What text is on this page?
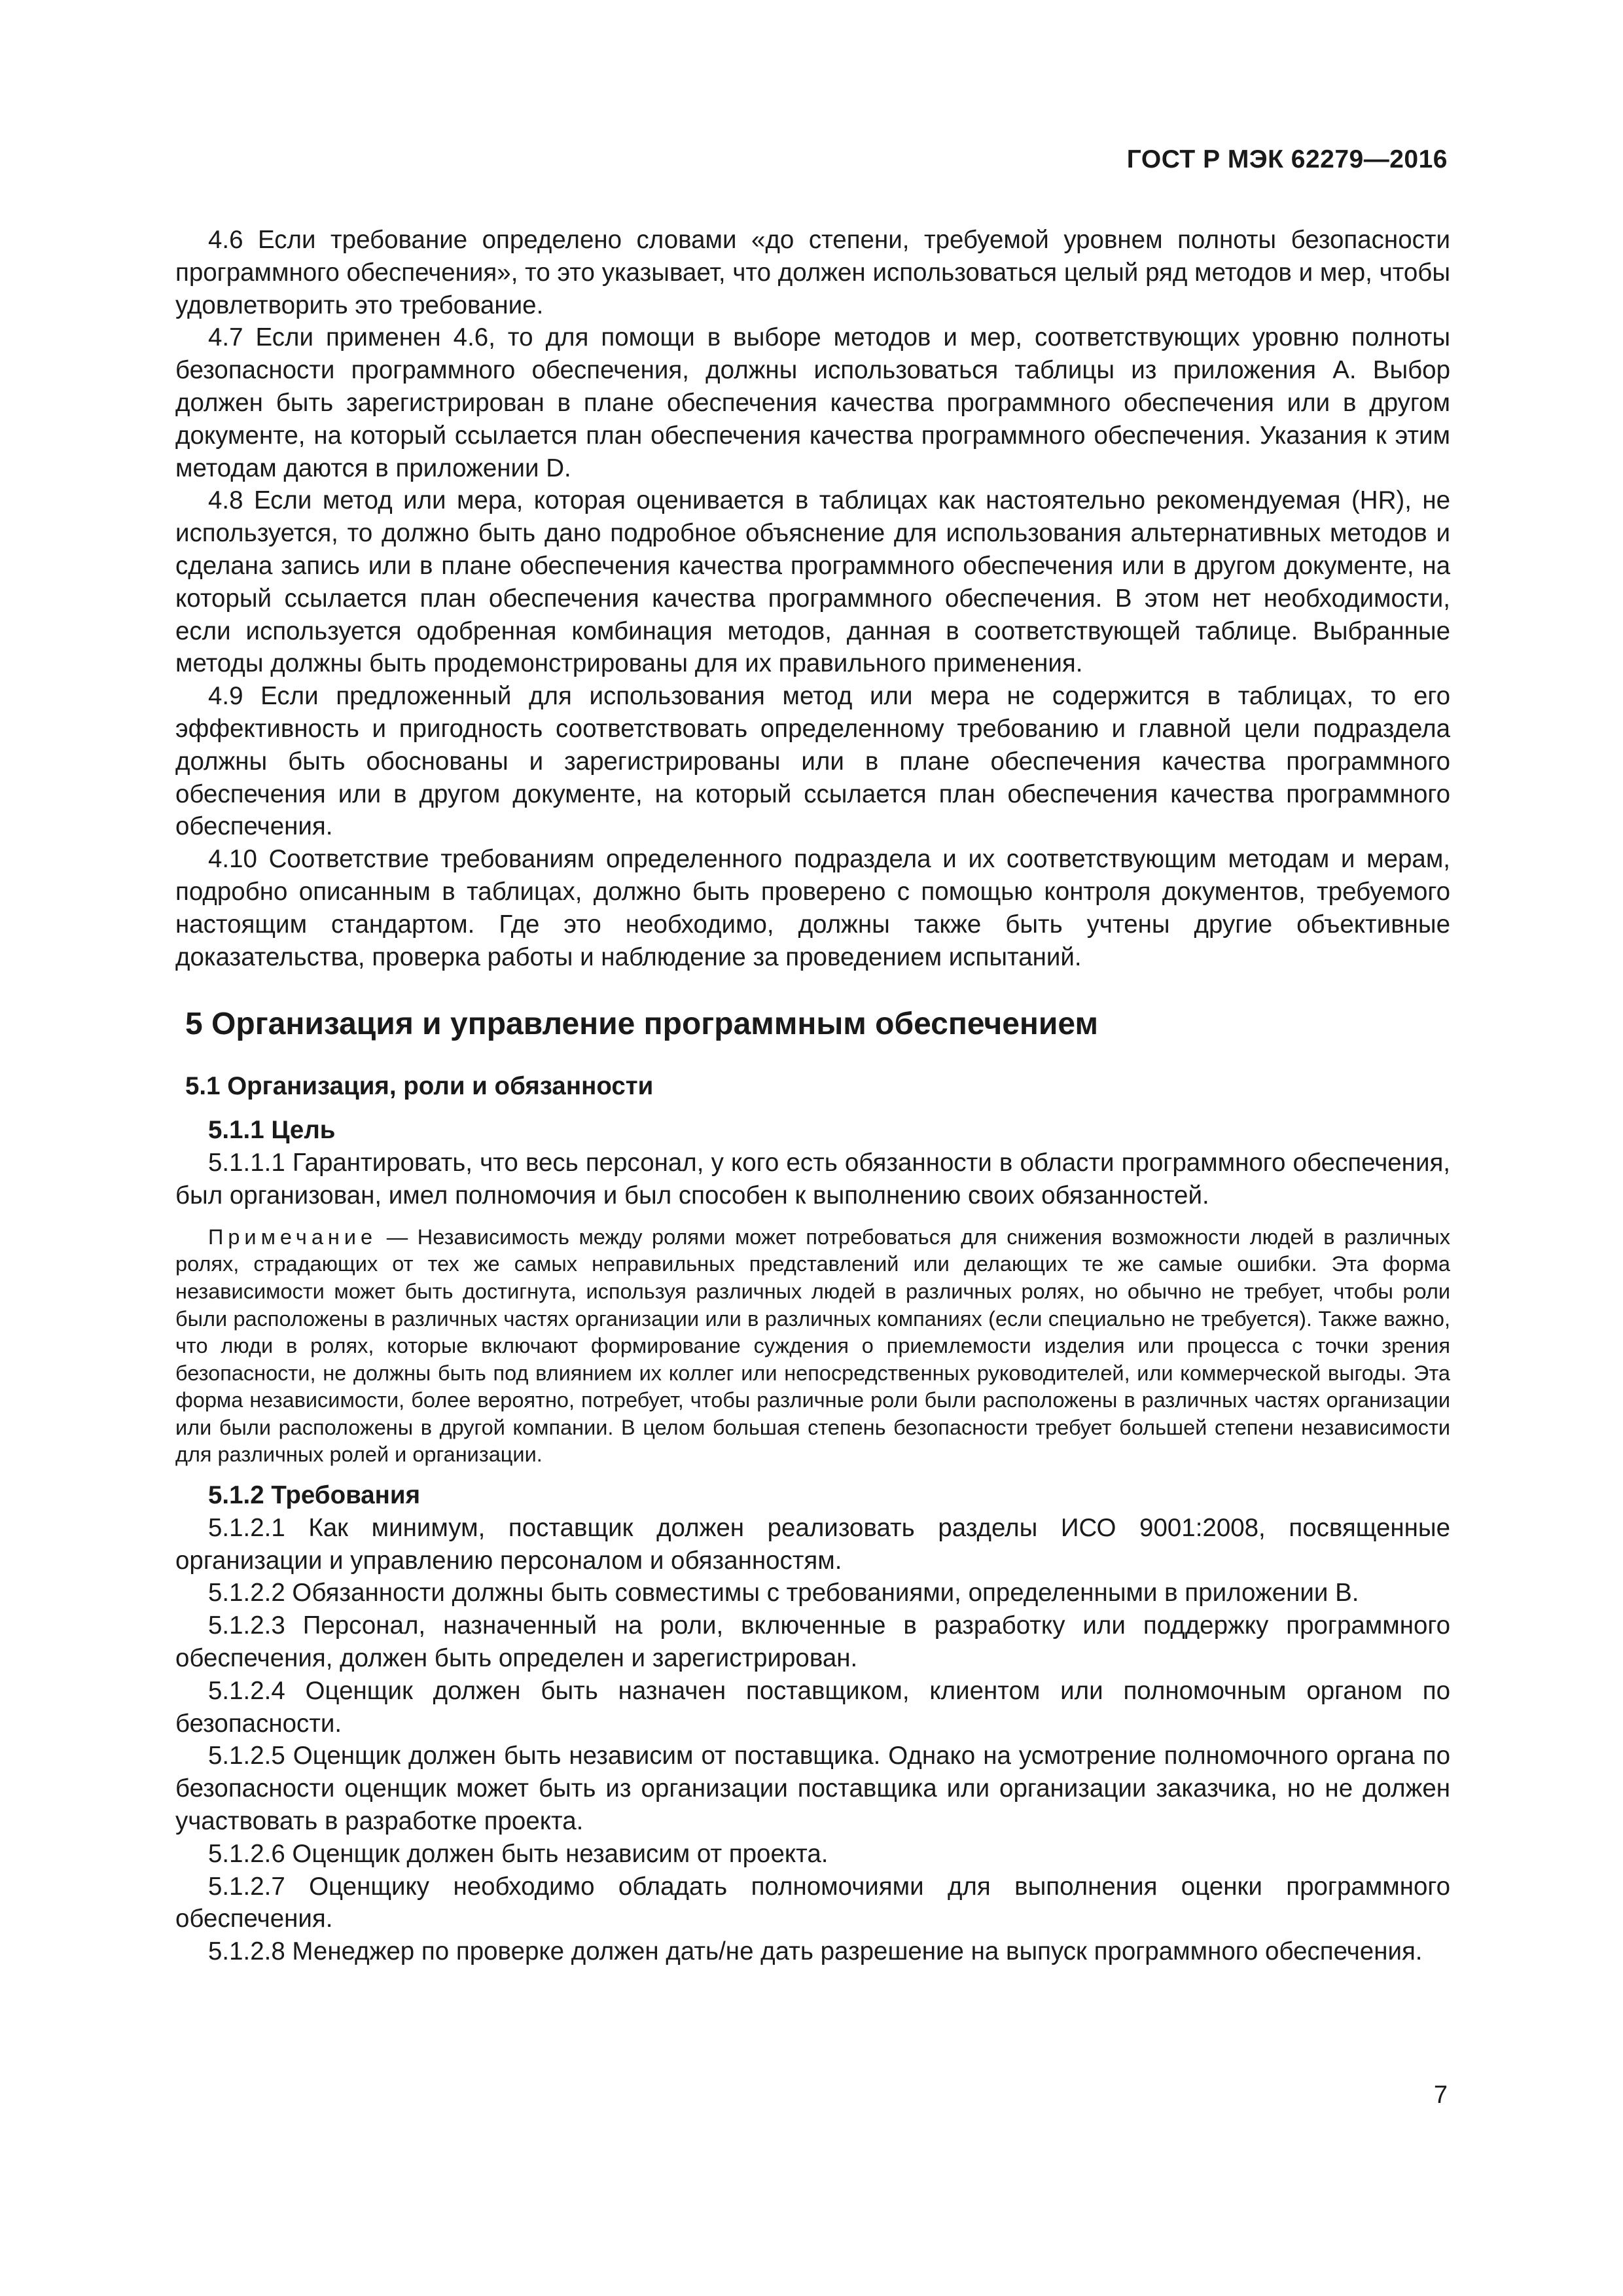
ГОСТ Р МЭК 62279—2016

4.6 Если требование определено словами «до степени, требуемой уровнем полноты безопасности программного обеспечения», то это указывает, что должен использоваться целый ряд методов и мер, чтобы удовлетворить это требование.

4.7 Если применен 4.6, то для помощи в выборе методов и мер, соответствующих уровню полноты безопасности программного обеспечения, должны использоваться таблицы из приложения А. Выбор должен быть зарегистрирован в плане обеспечения качества программного обеспечения или в другом документе, на который ссылается план обеспечения качества программного обеспечения. Указания к этим методам даются в приложении D.

4.8 Если метод или мера, которая оценивается в таблицах как настоятельно рекомендуемая (HR), не используется, то должно быть дано подробное объяснение для использования альтернативных методов и сделана запись или в плане обеспечения качества программного обеспечения или в другом документе, на который ссылается план обеспечения качества программного обеспечения. В этом нет необходимости, если используется одобренная комбинация методов, данная в соответствующей таблице. Выбранные методы должны быть продемонстрированы для их правильного применения.

4.9 Если предложенный для использования метод или мера не содержится в таблицах, то его эффективность и пригодность соответствовать определенному требованию и главной цели подраздела должны быть обоснованы и зарегистрированы или в плане обеспечения качества программного обеспечения или в другом документе, на который ссылается план обеспечения качества программного обеспечения.

4.10 Соответствие требованиям определенного подраздела и их соответствующим методам и мерам, подробно описанным в таблицах, должно быть проверено с помощью контроля документов, требуемого настоящим стандартом. Где это необходимо, должны также быть учтены другие объективные доказательства, проверка работы и наблюдение за проведением испытаний.

5 Организация и управление программным обеспечением
5.1 Организация, роли и обязанности
5.1.1 Цель

5.1.1.1 Гарантировать, что весь персонал, у кого есть обязанности в области программного обеспечения, был организован, имел полномочия и был способен к выполнению своих обязанностей.

Примечание — Независимость между ролями может потребоваться для снижения возможности людей в различных ролях, страдающих от тех же самых неправильных представлений или делающих те же самые ошибки. Эта форма независимости может быть достигнута, используя различных людей в различных ролях, но обычно не требует, чтобы роли были расположены в различных частях организации или в различных компаниях (если специально не требуется). Также важно, что люди в ролях, которые включают формирование суждения о приемлемости изделия или процесса с точки зрения безопасности, не должны быть под влиянием их коллег или непосредственных руководителей, или коммерческой выгоды. Эта форма независимости, более вероятно, потребует, чтобы различные роли были расположены в различных частях организации или были расположены в другой компании. В целом большая степень безопасности требует большей степени независимости для различных ролей и организации.

5.1.2 Требования

5.1.2.1 Как минимум, поставщик должен реализовать разделы ИСО 9001:2008, посвященные организации и управлению персоналом и обязанностям.

5.1.2.2 Обязанности должны быть совместимы с требованиями, определенными в приложении В.

5.1.2.3 Персонал, назначенный на роли, включенные в разработку или поддержку программного обеспечения, должен быть определен и зарегистрирован.

5.1.2.4 Оценщик должен быть назначен поставщиком, клиентом или полномочным органом по безопасности.

5.1.2.5 Оценщик должен быть независим от поставщика. Однако на усмотрение полномочного органа по безопасности оценщик может быть из организации поставщика или организации заказчика, но не должен участвовать в разработке проекта.

5.1.2.6 Оценщик должен быть независим от проекта.

5.1.2.7 Оценщику необходимо обладать полномочиями для выполнения оценки программного обеспечения.

5.1.2.8 Менеджер по проверке должен дать/не дать разрешение на выпуск программного обеспечения.

7
